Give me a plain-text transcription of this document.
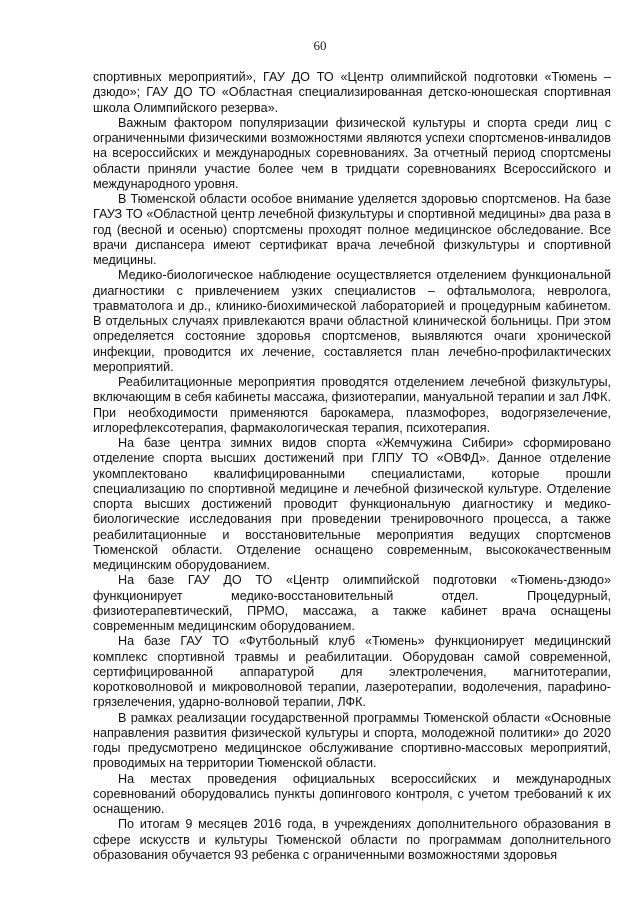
60

спортивных мероприятий», ГАУ ДО ТО «Центр олимпийской подготовки «Тюмень – дзюдо»; ГАУ ДО ТО «Областная специализированная детско-юношеская спортивная школа Олимпийского резерва».

Важным фактором популяризации физической культуры и спорта среди лиц с ограниченными физическими возможностями являются успехи спортсменов-инвалидов на всероссийских и международных соревнованиях. За отчетный период спортсмены области приняли участие более чем в тридцати соревнованиях Всероссийского и международного уровня.

В Тюменской области особое внимание уделяется здоровью спортсменов. На базе ГАУЗ ТО «Областной центр лечебной физкультуры и спортивной медицины» два раза в год (весной и осенью) спортсмены проходят полное медицинское обследование. Все врачи диспансера имеют сертификат врача лечебной физкультуры и спортивной медицины.

Медико-биологическое наблюдение осуществляется отделением функциональной диагностики с привлечением узких специалистов – офтальмолога, невролога, травматолога и др., клинико-биохимической лабораторией и процедурным кабинетом. В отдельных случаях привлекаются врачи областной клинической больницы. При этом определяется состояние здоровья спортсменов, выявляются очаги хронической инфекции, проводится их лечение, составляется план лечебно-профилактических мероприятий.

Реабилитационные мероприятия проводятся отделением лечебной физкультуры, включающим в себя кабинеты массажа, физиотерапии, мануальной терапии и зал ЛФК. При необходимости применяются барокамера, плазмофорез, водогрязелечение, иглорефлексотерапия, фармакологическая терапия, психотерапия.

На базе центра зимних видов спорта «Жемчужина Сибири» сформировано отделение спорта высших достижений при ГЛПУ ТО «ОВФД». Данное отделение укомплектовано квалифицированными специалистами, которые прошли специализацию по спортивной медицине и лечебной физической культуре. Отделение спорта высших достижений проводит функциональную диагностику и медико-биологические исследования при проведении тренировочного процесса, а также реабилитационные и восстановительные мероприятия ведущих спортсменов Тюменской области. Отделение оснащено современным, высококачественным медицинским оборудованием.

На базе ГАУ ДО ТО «Центр олимпийской подготовки «Тюмень-дзюдо» функционирует медико-восстановительный отдел. Процедурный, физиотерапевтический, ПРМО, массажа, а также кабинет врача оснащены современным медицинским оборудованием.

На базе ГАУ ТО «Футбольный клуб «Тюмень» функционирует медицинский комплекс спортивной травмы и реабилитации. Оборудован самой современной, сертифицированной аппаратурой для электролечения, магнитотерапии, коротковолновой и микроволновой терапии, лазеротерапии, водолечения, парафино-грязелечения, ударно-волновой терапии, ЛФК.

В рамках реализации государственной программы Тюменской области «Основные направления развития физической культуры и спорта, молодежной политики» до 2020 годы предусмотрено медицинское обслуживание спортивно-массовых мероприятий, проводимых на территории Тюменской области.

На местах проведения официальных всероссийских и международных соревнований оборудовались пункты допингового контроля, с учетом требований к их оснащению.

По итогам 9 месяцев 2016 года, в учреждениях дополнительного образования в сфере искусств и культуры Тюменской области по программам дополнительного образования обучается 93 ребенка с ограниченными возможностями здоровья
